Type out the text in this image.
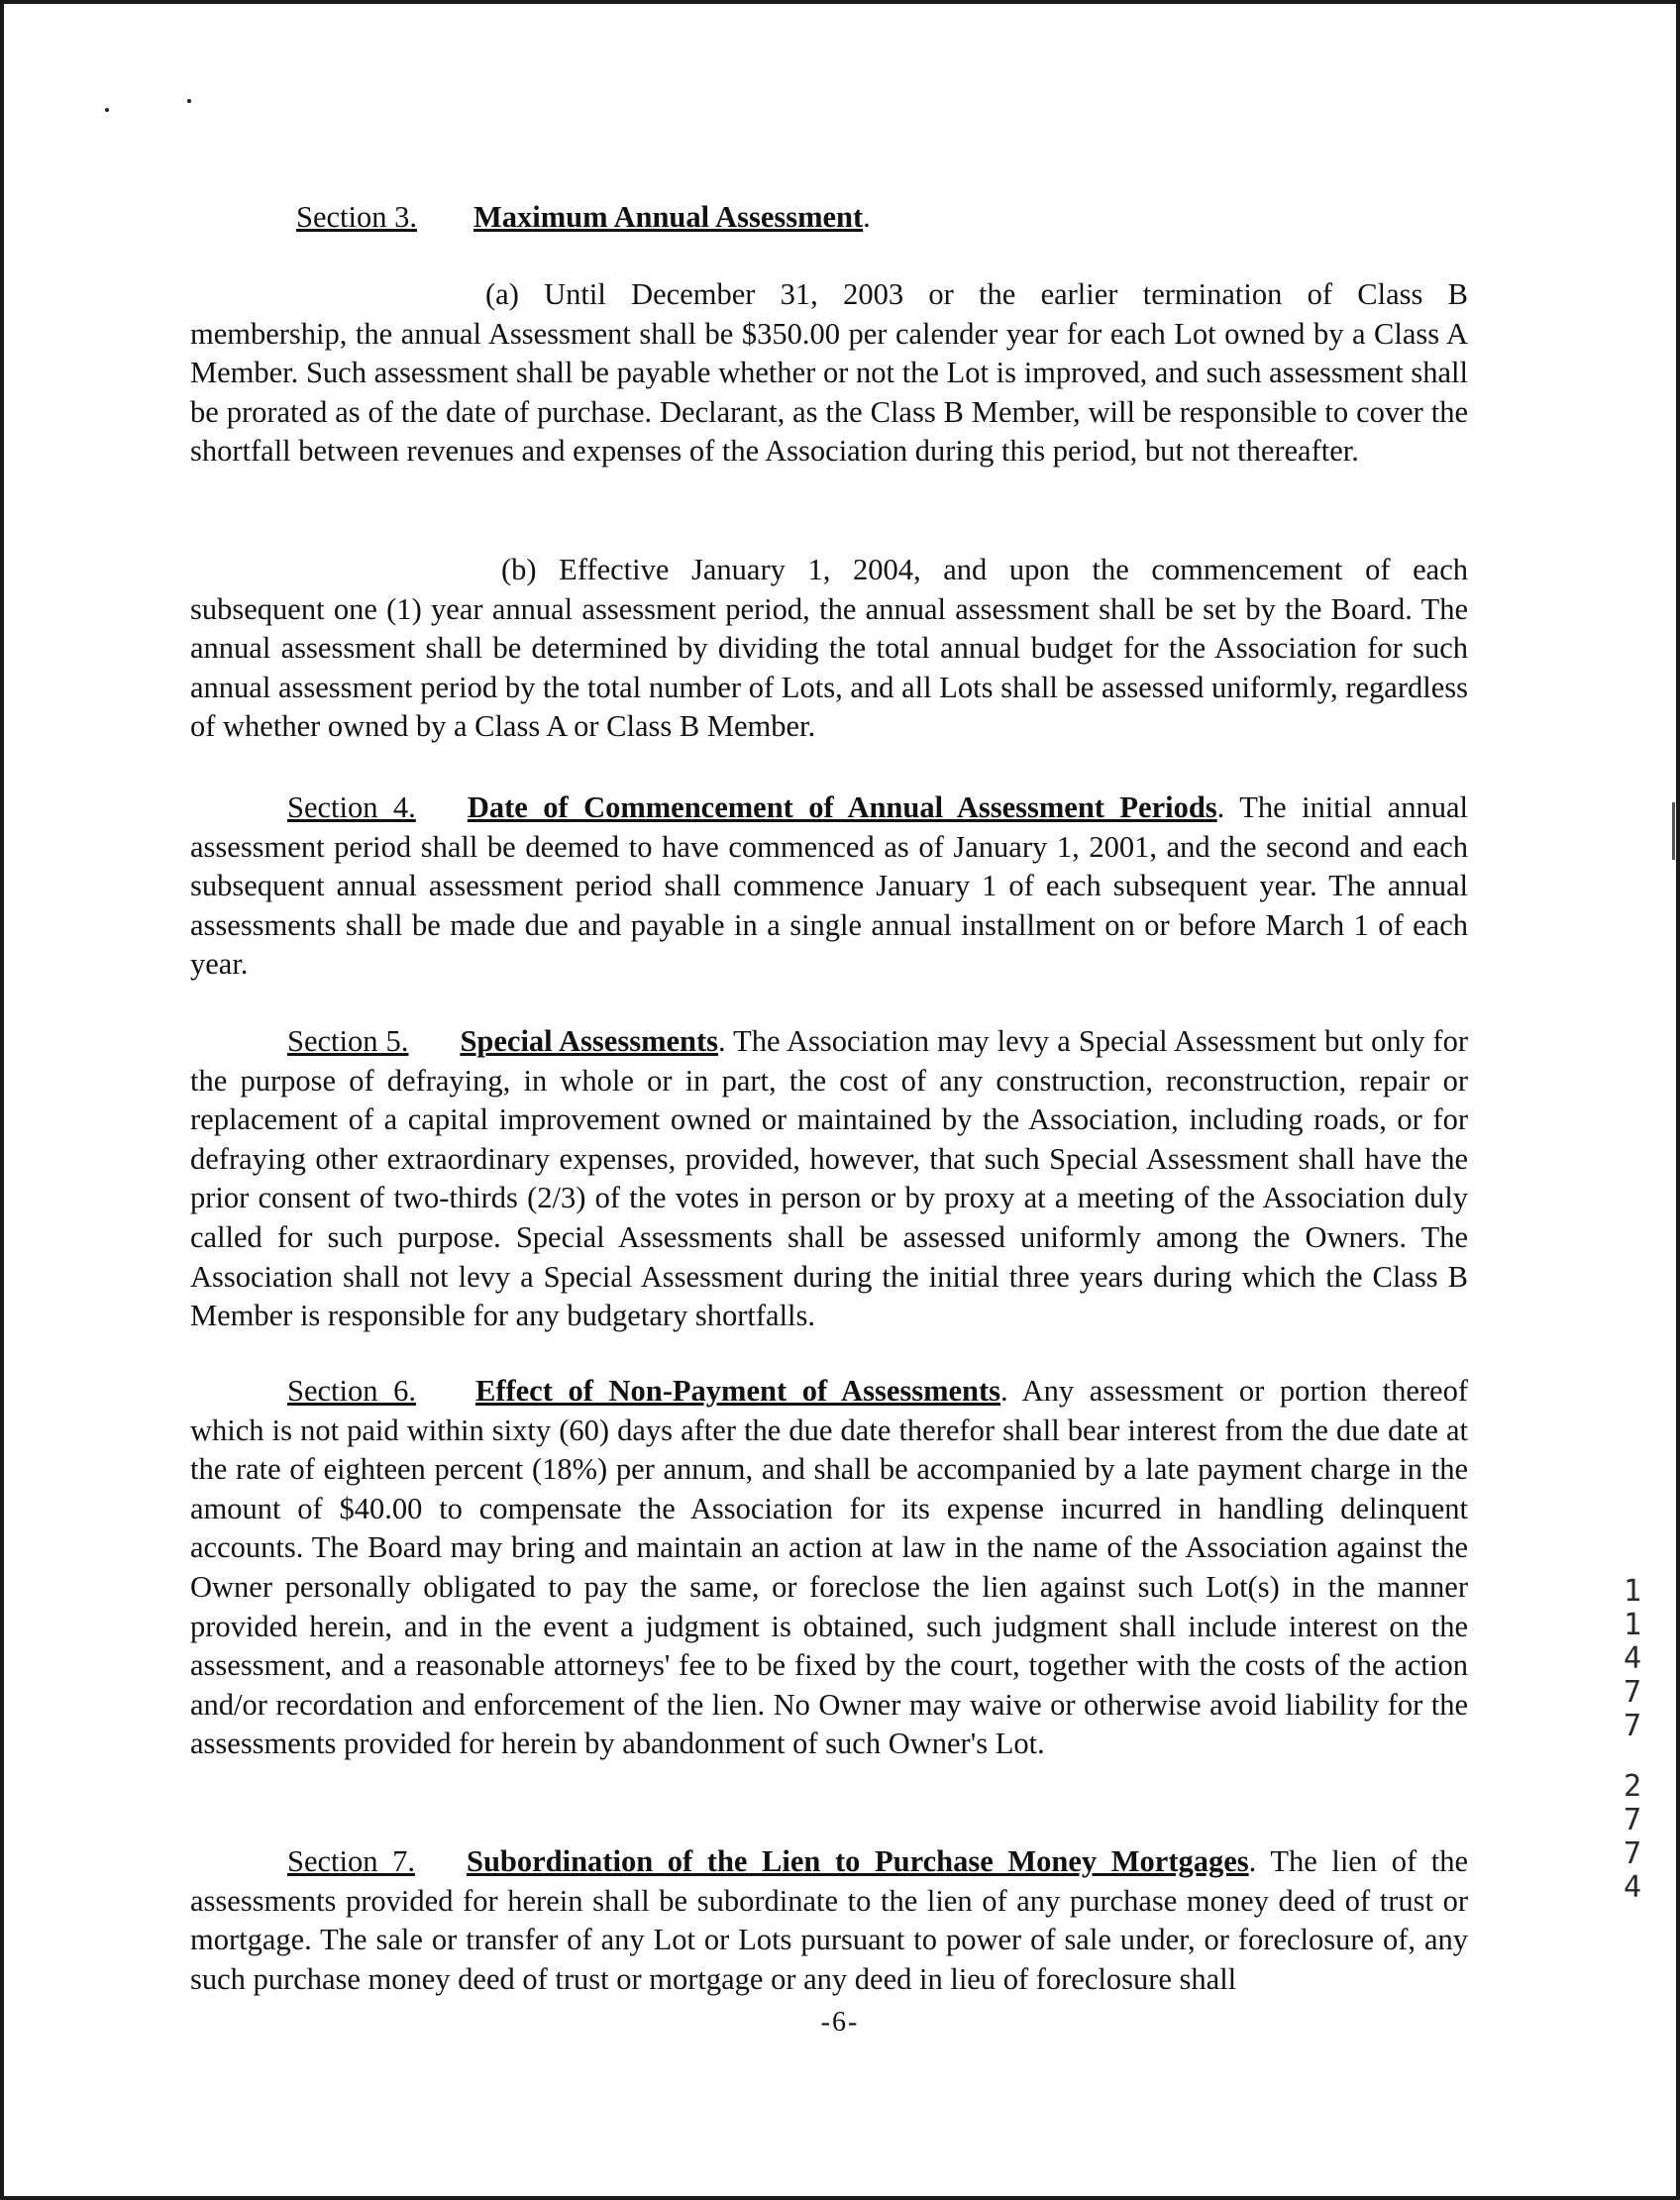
Section 3. Maximum Annual Assessment.

(a) Until December 31, 2003 or the earlier termination of Class B
membership, the annual Assessment shall be $350.00 per calender year for each Lot owned by a Class A Member. Such assessment shall be payable whether or not the Lot is improved, and such assessment shall be prorated as of the date of purchase. Declarant, as the Class B Member, will be responsible to cover the shortfall between revenues and expenses of the Association during this period, but not thereafter.

(b) Effective January 1, 2004, and upon the commencement of each
subsequent one (1) year annual assessment period, the annual assessment shall be set by the Board. The annual assessment shall be determined by dividing the total annual budget for the Association for such annual assessment period by the total number of Lots, and all Lots shall be assessed uniformly, regardless of whether owned by a Class A or Class B Member.

Section 4. Date of Commencement of Annual Assessment Periods. The initial annual assessment period shall be deemed to have commenced as of January 1, 2001, and the second and each subsequent annual assessment period shall commence January 1 of each subsequent year. The annual assessments shall be made due and payable in a single annual installment on or before March 1 of each year.

Section 5. Special Assessments. The Association may levy a Special Assessment but only for the purpose of defraying, in whole or in part, the cost of any construction, reconstruction, repair or replacement of a capital improvement owned or maintained by the Association, including roads, or for defraying other extraordinary expenses, provided, however, that such Special Assessment shall have the prior consent of two-thirds (2/3) of the votes in person or by proxy at a meeting of the Association duly called for such purpose. Special Assessments shall be assessed uniformly among the Owners. The Association shall not levy a Special Assessment during the initial three years during which the Class B Member is responsible for any budgetary shortfalls.

Section 6. Effect of Non-Payment of Assessments. Any assessment or portion thereof which is not paid within sixty (60) days after the due date therefor shall bear interest from the due date at the rate of eighteen percent (18%) per annum, and shall be accompanied by a late payment charge in the amount of $40.00 to compensate the Association for its expense incurred in handling delinquent accounts. The Board may bring and maintain an action at law in the name of the Association against the Owner personally obligated to pay the same, or foreclose the lien against such Lot(s) in the manner provided herein, and in the event a judgment is obtained, such judgment shall include interest on the assessment, and a reasonable attorneys' fee to be fixed by the court, together with the costs of the action and/or recordation and enforcement of the lien. No Owner may waive or otherwise avoid liability for the assessments provided for herein by abandonment of such Owner's Lot.

Section 7. Subordination of the Lien to Purchase Money Mortgages. The lien of the assessments provided for herein shall be subordinate to the lien of any purchase money deed of trust or mortgage. The sale or transfer of any Lot or Lots pursuant to power of sale under, or foreclosure of, any such purchase money deed of trust or mortgage or any deed in lieu of foreclosure shall

-6-
1
1
4
7
7
2
7
7
4
